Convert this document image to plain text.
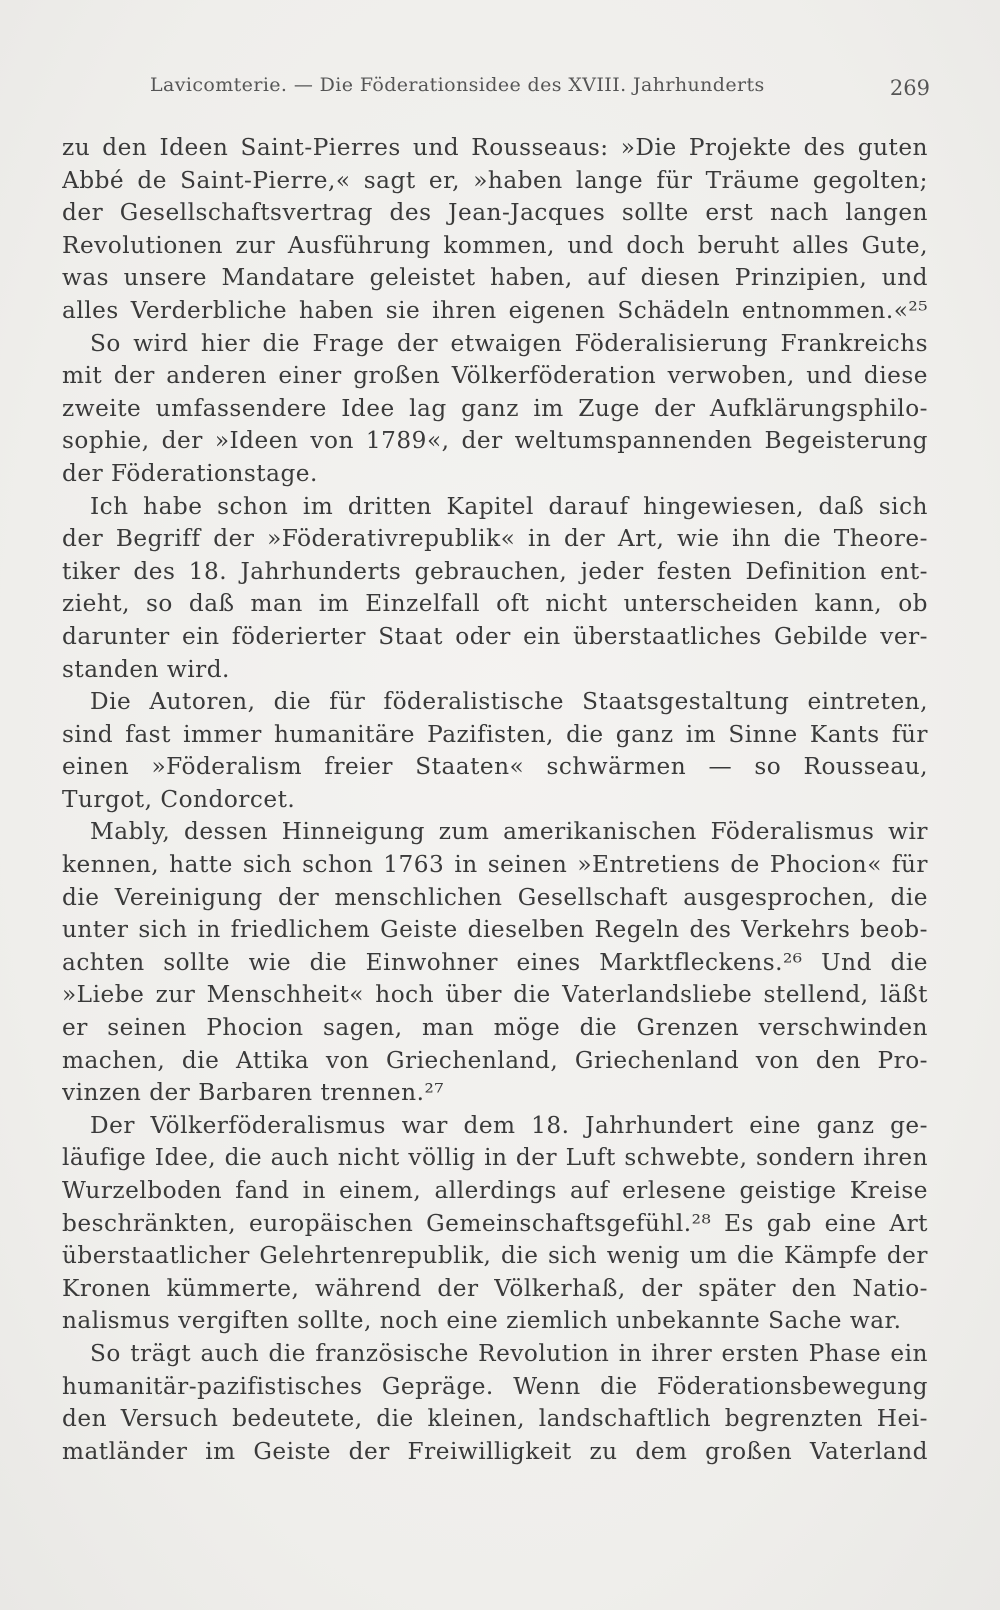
Lavicomterie. — Die Föderationsidee des XVIII. Jahrhunderts	269
zu den Ideen Saint-Pierres und Rousseaus: »Die Projekte des guten
Abbé de Saint-Pierre,« sagt er, »haben lange für Träume gegolten;
der Gesellschaftsvertrag des Jean-Jacques sollte erst nach langen
Revolutionen zur Ausführung kommen, und doch beruht alles Gute,
was unsere Mandatare geleistet haben, auf diesen Prinzipien, und
alles Verderbliche haben sie ihren eigenen Schädeln entnommen.«²⁵
So wird hier die Frage der etwaigen Föderalisierung Frankreichs
mit der anderen einer großen Völkerföderation verwoben, und diese
zweite umfassendere Idee lag ganz im Zuge der Aufklärungsphilo-
sophie, der »Ideen von 1789«, der weltumspannenden Begeisterung
der Föderationstage.
Ich habe schon im dritten Kapitel darauf hingewiesen, daß sich
der Begriff der »Föderativrepublik« in der Art, wie ihn die Theore-
tiker des 18. Jahrhunderts gebrauchen, jeder festen Definition ent-
zieht, so daß man im Einzelfall oft nicht unterscheiden kann, ob
darunter ein föderierter Staat oder ein überstaatliches Gebilde ver-
standen wird.
Die Autoren, die für föderalistische Staatsgestaltung eintreten,
sind fast immer humanitäre Pazifisten, die ganz im Sinne Kants für
einen »Föderalism freier Staaten« schwärmen — so Rousseau,
Turgot, Condorcet.
Mably, dessen Hinneigung zum amerikanischen Föderalismus wir
kennen, hatte sich schon 1763 in seinen »Entretiens de Phocion« für
die Vereinigung der menschlichen Gesellschaft ausgesprochen, die
unter sich in friedlichem Geiste dieselben Regeln des Verkehrs beob-
achten sollte wie die Einwohner eines Marktfleckens.²⁶ Und die
»Liebe zur Menschheit« hoch über die Vaterlandsliebe stellend, läßt
er seinen Phocion sagen, man möge die Grenzen verschwinden
machen, die Attika von Griechenland, Griechenland von den Pro-
vinzen der Barbaren trennen.²⁷
Der Völkerföderalismus war dem 18. Jahrhundert eine ganz ge-
läufige Idee, die auch nicht völlig in der Luft schwebte, sondern ihren
Wurzelboden fand in einem, allerdings auf erlesene geistige Kreise
beschränkten, europäischen Gemeinschaftsgefühl.²⁸ Es gab eine Art
überstaatlicher Gelehrtenrepublik, die sich wenig um die Kämpfe der
Kronen kümmerte, während der Völkerhaß, der später den Natio-
nalismus vergiften sollte, noch eine ziemlich unbekannte Sache war.
So trägt auch die französische Revolution in ihrer ersten Phase ein
humanitär-pazifistisches Gepräge. Wenn die Föderationsbewegung
den Versuch bedeutete, die kleinen, landschaftlich begrenzten Hei-
matländer im Geiste der Freiwilligkeit zu dem großen Vaterland
